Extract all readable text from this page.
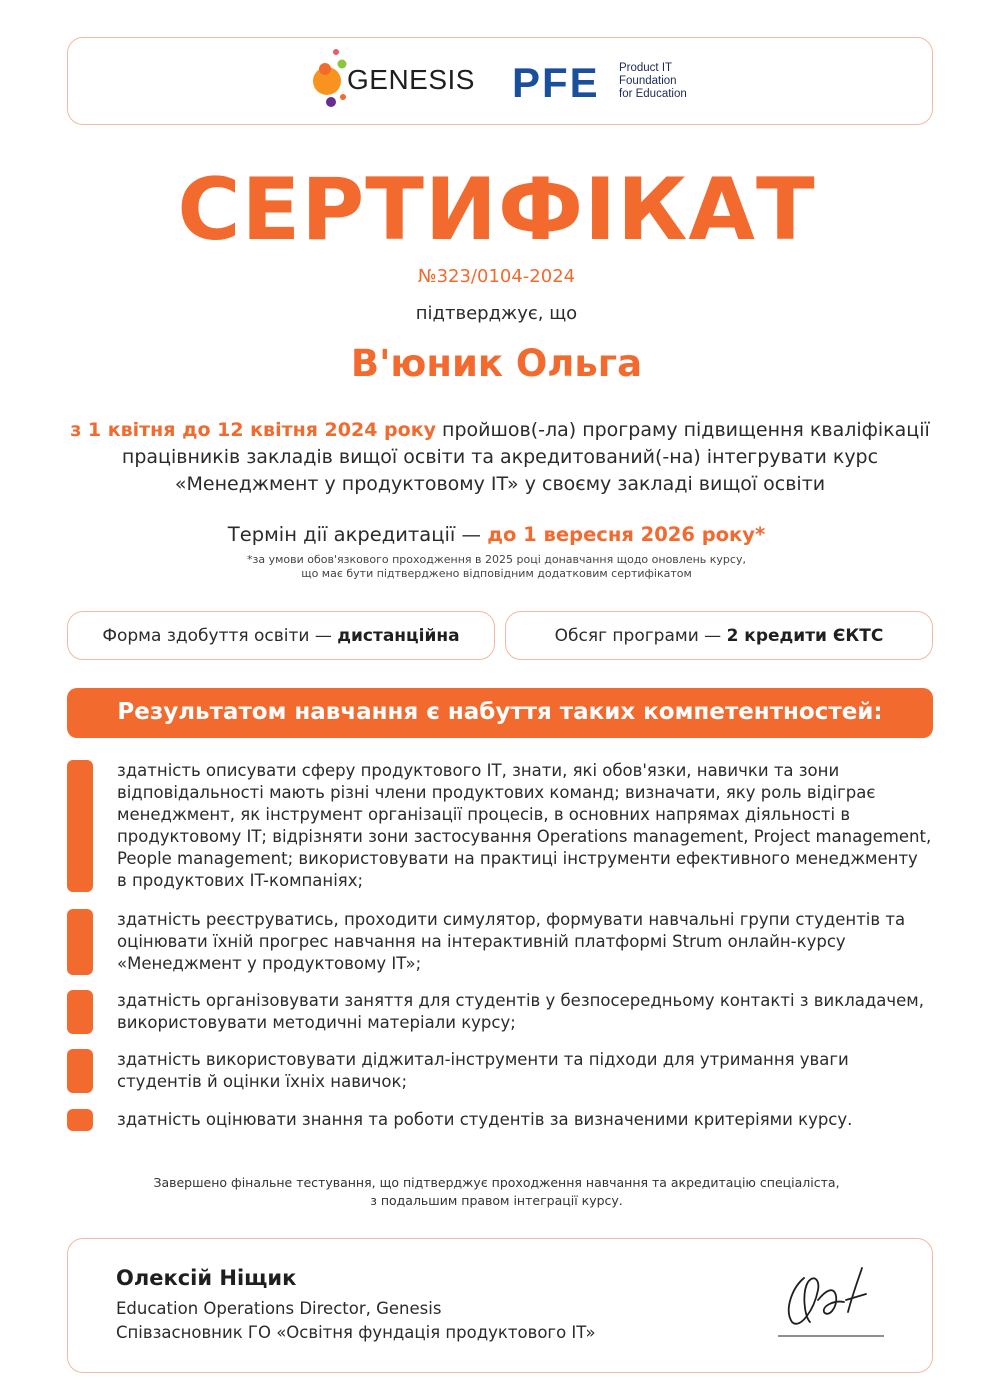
GENESIS PFE Product IT
Foundation
for Education
СЕРТИФІКАТ
№323/0104-2024
підтверджує, що
В'юник Ольга
з 1 квітня до 12 квітня 2024 року пройшов(-ла) програму підвищення кваліфікації працівників закладів вищої освіти та акредитований(-на) інтегрувати курс «Менеджмент у продуктовому IT» у своєму закладі вищої освіти
Термін дії акредитації — до 1 вересня 2026 року*
*за умови обов'язкового проходження в 2025 році донавчання щодо оновлень курсу,
що має бути підтверджено відповідним додатковим сертифікатом
Форма здобуття освіти — дистанційна	Обсяг програми — 2 кредити ЄКТС
Результатом навчання є набуття таких компетентностей:
здатність описувати сферу продуктового IT, знати, які обов'язки, навички та зони відповідальності мають різні члени продуктових команд; визначати, яку роль відіграє менеджмент, як інструмент організації процесів, в основних напрямах діяльності в продуктовому IT; відрізняти зони застосування Operations management, Project management, People management; використовувати на практиці інструменти ефективного менеджменту в продуктових IT-компаніях;
здатність реєструватись, проходити симулятор, формувати навчальні групи студентів та оцінювати їхній прогрес навчання на інтерактивній платформі Strum онлайн-курсу «Менеджмент у продуктовому IT»;
здатність організовувати заняття для студентів у безпосередньому контакті з викладачем, використовувати методичні матеріали курсу;
здатність використовувати діджитал-інструменти та підходи для утримання уваги студентів й оцінки їхніх навичок;
здатність оцінювати знання та роботи студентів за визначеними критеріями курсу.
Завершено фінальне тестування, що підтверджує проходження навчання та акредитацію спеціаліста,
з подальшим правом інтеграції курсу.
Олексій Ніщик
Education Operations Director, Genesis
Співзасновник ГО «Освітня фундація продуктового IT»
